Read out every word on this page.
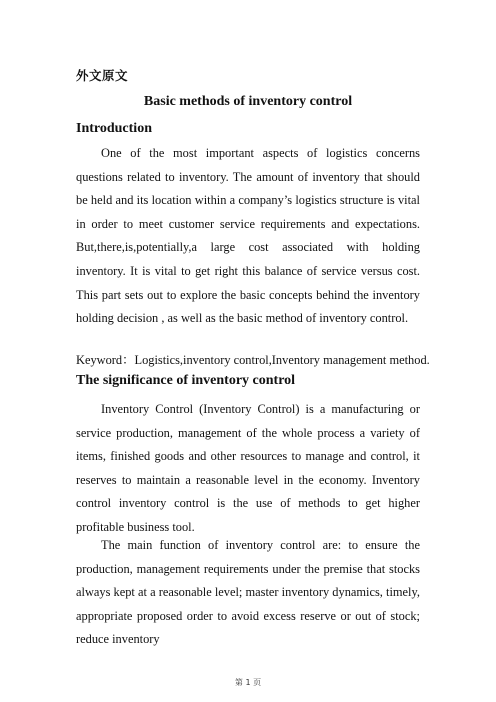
外文原文
Basic methods of inventory control
Introduction

One of the most important aspects of logistics concerns questions related to inventory. The amount of inventory that should be held and its location within a company’s logistics structure is vital in order to meet customer service requirements and expectations. But,there,is,potentially,a large cost associated with holding inventory. It is vital to get right this balance of service versus cost. This part sets out to explore the basic concepts behind the inventory holding decision , as well as the basic method of inventory control.

Keyword：Logistics,inventory control,Inventory management method.
The significance of inventory control

Inventory Control (Inventory Control) is a manufacturing or service production, management of the whole process a variety of items, finished goods and other resources to manage and control, it reserves to maintain a reasonable level in the economy. Inventory control inventory control is the use of methods to get higher profitable business tool.

The main function of inventory control are: to ensure the production, management requirements under the premise that stocks always kept at a reasonable level; master inventory dynamics, timely, appropriate proposed order to avoid excess reserve or out of stock; reduce inventory

第 1 页
